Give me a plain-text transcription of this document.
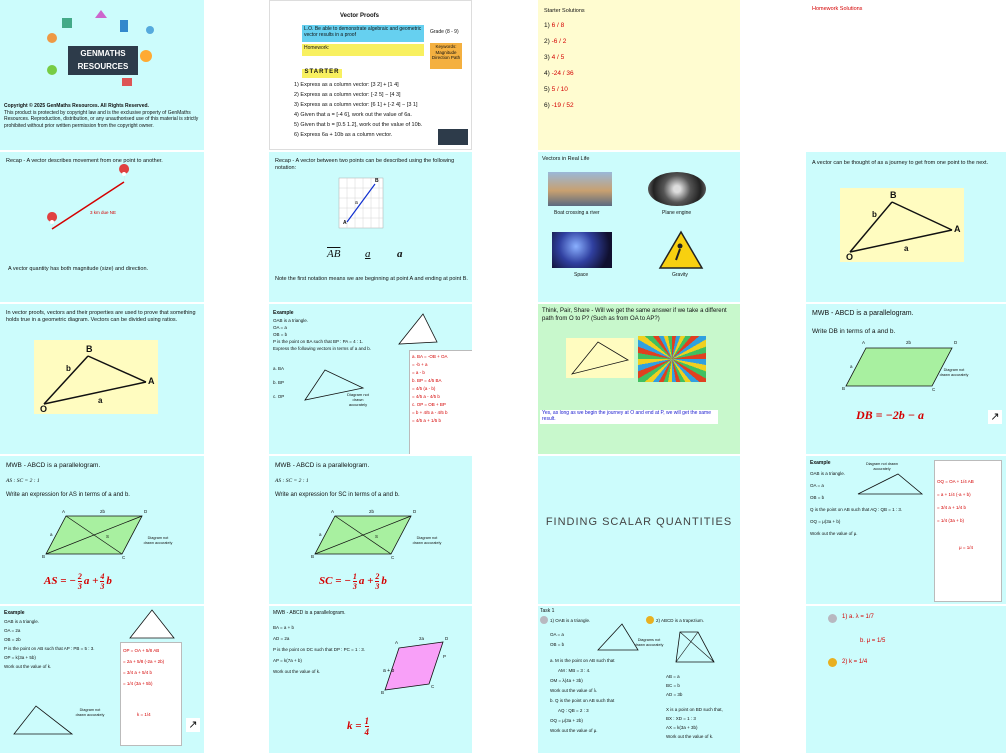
GENMATHS
RESOURCES
Copyright © 2025 GenMaths Resources. All Rights Reserved.
This product is protected by copyright law and is the exclusive property of GenMaths Resources. Reproduction, distribution, or any unauthorised use of this material is strictly prohibited without prior written permission from the copyright owner.
Vector Proofs
L.O. Be able to demonstrate algebraic and geometric vector results in a proof
Grade (8 - 9)
Homework:	Keywords: Magnitude Direction Path
STARTER
1) Express as a column vector: [3 2] + [1 4]
2) Express as a column vector: [-2 5] − [4 3]
3) Express as a column vector: [6 1] + [-2 4] − [3 1]
4) Given that a = [-4 6], work out the value of 6a.
5) Given that b = [0.5 1.2], work out the value of 10b.
6) Express 6a + 10b as a column vector.
Starter Solutions
1) 6 / 8
2) -6 / 2
3) 4 / 5
4) -24 / 36
5) 5 / 10
6) -19 / 52
Homework Solutions
Recap - A vector describes movement from one point to another.
3 km due NE
A vector quantity has both magnitude (size) and direction.
Recap - A vector between two points can be described using the following notation:
A
B
a
$\overline{AB}$ a a
Note the first notation means we are beginning at point A and ending at point B.
Vectors in Real Life
Boat crossing a river	Plane engine
Space	Gravity
A vector can be thought of as a journey to get from one point to the next.
O
A
B
a
b
In vector proofs, vectors and their properties are used to prove that something holds true in a geometric diagram. Vectors can be divided using ratios.
O
A
B
a
b
Example
OAB is a triangle.
OA = a
OB = b
P is the point on BA such that BP : PA = 4 : 1.
Express the following vectors in terms of a and b.
a. BA
b. BP
c. OP	Diagram not drawn accurately
a. BA = -OB + OA
= -b + a
= a - b
b. BP = 4/5 BA
= 4/5 (a - b)
= 4/5 a - 4/5 b
c. OP = OB + BP
= b + 4/5 a - 4/5 b
= 4/5 a + 1/5 b
Think, Pair, Share - Will we get the same answer if we take a different path from O to P? (Such as from OA to AP?)
Yes, as long as we begin the journey at O and end at P, we will get the same result.
MWB - ABCD is a parallelogram.
Write DB in terms of a and b.
A
B	C
D
2b
a
Diagram not drawn accurately
DB = −2b − a	↗
MWB - ABCD is a parallelogram.
AS : SC = 2 : 1
Write an expression for AS in terms of a and b.
A
B	C
D
S
2b
a
Diagram not drawn accurately
AS = − $\frac{2}{3}$ $a + \frac{4}{3}$ b
MWB - ABCD is a parallelogram.
AS : SC = 2 : 1
Write an expression for SC in terms of a and b.
A
B	C
D
S
2b
a
Diagram not drawn accurately
SC = − $\frac{1}{3}$ $a + \frac{2}{3}$ b
FINDING SCALAR QUANTITIES
Example
OAB is a triangle.
OA = a
OB = b
Q is the point on AB such that AQ : QB = 1 : 3.
OQ = μ(3a + b)
Work out the value of μ.
Diagram not drawn accurately
OQ = OA + 1/4 AB
= a + 1/4 (-a + b)
= 3/4 a + 1/4 b
= 1/4 (3a + b)
μ = 1/4
Example
OAB is a triangle.
OA = 2a
OB = 2b
P is the point on AB such that AP : PB = 5 : 3.
OP = k(3a + 5b)
Work out the value of k.
Diagram not drawn accurately
OP = OA + 5/8 AB
= 2a + 5/8 (-2a + 2b)
= 3/4 a + 5/4 b
= 1/4 (3a + 5b)
k = 1/4
↗
MWB - ABCD is a parallelogram.
BA = a + b
AD = 2a
P is the point on DC such that DP : PC = 1 : 3.
AP = k(7a + b)
Work out the value of k.
A
B
C
D
P
a + b
2a
$k = \frac{1}{4}$
Task 1
1) OAB is a triangle.
OA = a
OB = b
a. M is the point on AB such that
AM : MB = 3 : 4.
OM = λ(4a + 3b)
Work out the value of λ.
b. Q is the point on AB such that
AQ : QB = 2 : 3
OQ = μ(3a + 2b)
Work out the value of μ.
Diagrams not drawn accurately
2) ABCD is a trapezium.
AB = a
BC = b
AD = 3b
X is a point on BD such that,
BX : XD = 1 : 3
AX = k(3a + 3b)
Work out the value of k.
1) a. λ = 1/7
b. μ = 1/5
2) k = 1/4
